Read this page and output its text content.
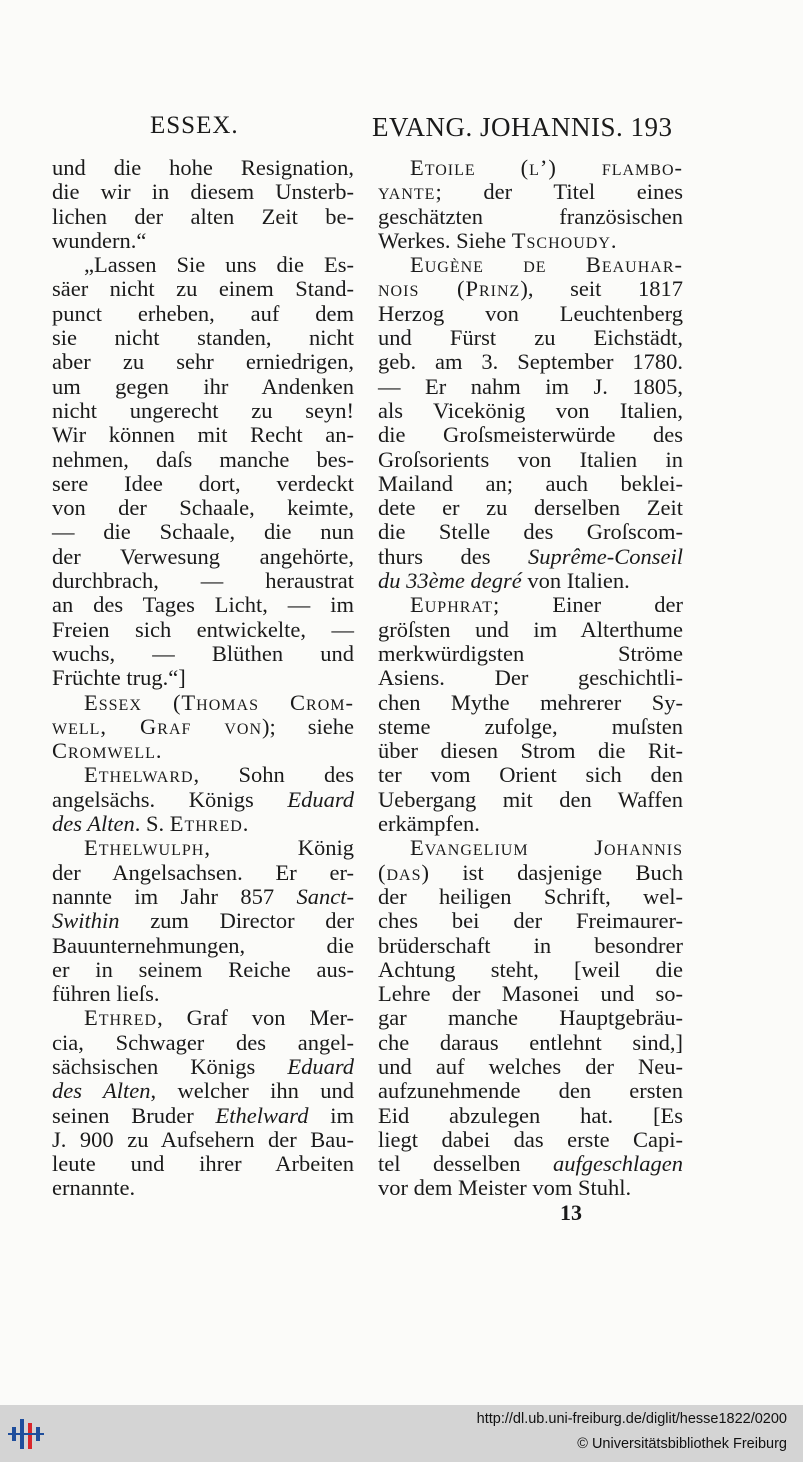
ESSEX.	EVANG. JOHANNIS. 193
und die hohe Resignation,
die wir in diesem Unsterb-
lichen der alten Zeit be-
wundern.“
„Lassen Sie uns die Es-
säer nicht zu einem Stand-
punct erheben, auf dem
sie nicht standen, nicht
aber zu sehr erniedrigen,
um gegen ihr Andenken
nicht ungerecht zu seyn!
Wir können mit Recht an-
nehmen, daſs manche bes-
sere Idee dort, verdeckt
von der Schaale, keimte,
— die Schaale, die nun
der Verwesung angehörte,
durchbrach, — heraustrat
an des Tages Licht, — im
Freien sich entwickelte, —
wuchs, — Blüthen und
Früchte trug.“]
Essex (Thomas Crom-
well, Graf von); siehe
Cromwell.
Ethelward, Sohn des
angelsächs. Königs Eduard
des Alten. S. Ethred.
Ethelwulph, König
der Angelsachsen. Er er-
nannte im Jahr 857 Sanct-
Swithin zum Director der
Bauunternehmungen, die
er in seinem Reiche aus-
führen lieſs.
Ethred, Graf von Mer-
cia, Schwager des angel-
sächsischen Königs Eduard
des Alten, welcher ihn und
seinen Bruder Ethelward im
J. 900 zu Aufsehern der Bau-
leute und ihrer Arbeiten
ernannte.
Etoile (l’) flambo-
yante; der Titel eines
geschätzten französischen
Werkes. Siehe Tschoudy.
Eugène de Beauhar-
nois (Prinz), seit 1817
Herzog von Leuchtenberg
und Fürst zu Eichstädt,
geb. am 3. September 1780.
— Er nahm im J. 1805,
als Vicekönig von Italien,
die Groſsmeisterwürde des
Groſsorients von Italien in
Mailand an; auch beklei-
dete er zu derselben Zeit
die Stelle des Groſscom-
thurs des Suprême-Conseil
du 33ème degré von Italien.
Euphrat; Einer der
gröſsten und im Alterthume
merkwürdigsten Ströme
Asiens. Der geschichtli-
chen Mythe mehrerer Sy-
steme zufolge, muſsten
über diesen Strom die Rit-
ter vom Orient sich den
Uebergang mit den Waffen
erkämpfen.
Evangelium Johannis
(das) ist dasjenige Buch
der heiligen Schrift, wel-
ches bei der Freimaurer-
brüderschaft in besondrer
Achtung steht, [weil die
Lehre der Masonei und so-
gar manche Hauptgebräu-
che daraus entlehnt sind,]
und auf welches der Neu-
aufzunehmende den ersten
Eid abzulegen hat. [Es
liegt dabei das erste Capi-
tel desselben aufgeschlagen
vor dem Meister vom Stuhl.
13
http://dl.ub.uni-freiburg.de/diglit/hesse1822/0200
© Universitätsbibliothek Freiburg
